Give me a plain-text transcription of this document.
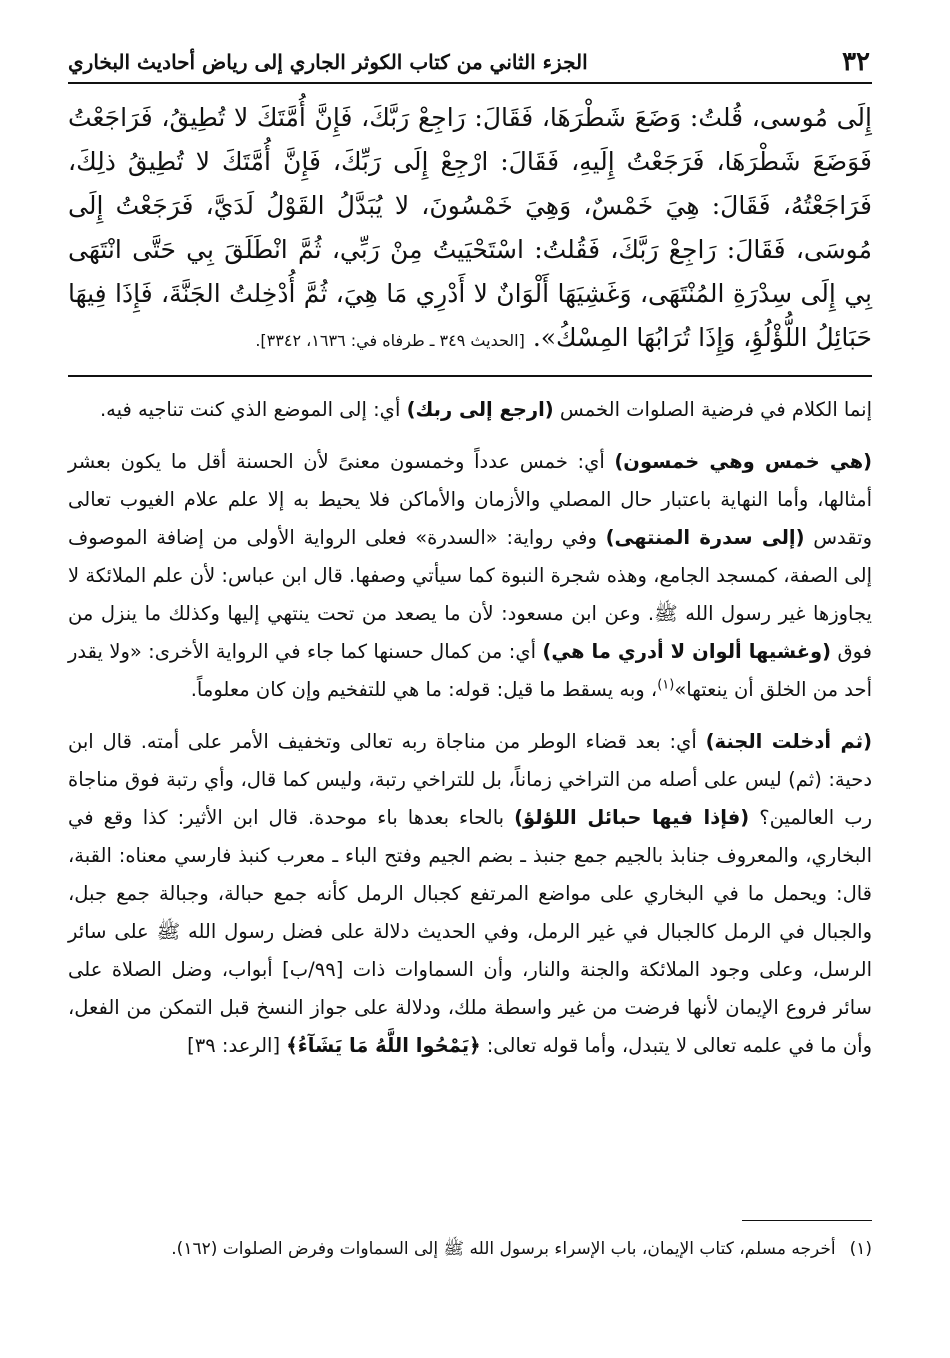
٣٢
الجزء الثاني من كتاب الكوثر الجاري إلى رياض أحاديث البخاري
إِلَى مُوسى، قُلتُ: وَضَعَ شَطْرَهَا، فَقَالَ: رَاجِعْ رَبَّكَ، فَإِنَّ أُمَّتَكَ لا تُطِيقُ، فَرَاجَعْتُ فَوَضَعَ شَطْرَهَا، فَرَجَعْتُ إِلَيهِ، فَقَالَ: ارْجِعْ إِلَى رَبِّكَ، فَإِنَّ أُمَّتَكَ لا تُطِيقُ ذلِكَ، فَرَاجَعْتُهُ، فَقَالَ: هِيَ خَمْسٌ، وَهِيَ خَمْسُونَ، لا يُبَدَّلُ القَوْلُ لَدَيَّ، فَرَجَعْتُ إِلَى مُوسَى، فَقَالَ: رَاجِعْ رَبَّكَ، فَقُلتُ: اسْتَحْيَيتُ مِنْ رَبِّي، ثُمَّ انْطَلَقَ بِي حَتَّى انْتَهَى بِي إِلَى سِدْرَةِ المُنْتَهَى، وَغَشِيَهَا أَلْوَانٌ لا أَدْرِي مَا هِيَ، ثُمَّ أُدْخِلتُ الجَنَّةَ، فَإِذَا فِيهَا حَبَائِلُ اللُّؤْلُؤِ، وَإِذَا تُرَابُهَا المِسْكُ». [الحديث ٣٤٩ ـ طرفاه في: ١٦٣٦، ٣٣٤٢].

إنما الكلام في فرضية الصلوات الخمس (ارجع إلى ربك) أي: إلى الموضع الذي كنت تناجيه فيه.

(هي خمس وهي خمسون) أي: خمس عدداً وخمسون معنىً لأن الحسنة أقل ما يكون بعشر أمثالها، وأما النهاية باعتبار حال المصلي والأزمان والأماكن فلا يحيط به إلا علم علام الغيوب تعالى وتقدس (إلى سدرة المنتهى) وفي رواية: «السدرة» فعلى الرواية الأولى من إضافة الموصوف إلى الصفة، كمسجد الجامع، وهذه شجرة النبوة كما سيأتي وصفها. قال ابن عباس: لأن علم الملائكة لا يجاوزها غير رسول الله ﷺ. وعن ابن مسعود: لأن ما يصعد من تحت ينتهي إليها وكذلك ما ينزل من فوق (وغشيها ألوان لا أدري ما هي) أي: من كمال حسنها كما جاء في الرواية الأخرى: «ولا يقدر أحد من الخلق أن ينعتها»$^{(١)}$، وبه يسقط ما قيل: قوله: ما هي للتفخيم وإن كان معلوماً.

(ثم أدخلت الجنة) أي: بعد قضاء الوطر من مناجاة ربه تعالى وتخفيف الأمر على أمته. قال ابن دحية: (ثم) ليس على أصله من التراخي زماناً، بل للتراخي رتبة، وليس كما قال، وأي رتبة فوق مناجاة رب العالمين؟ (فإذا فيها حبائل اللؤلؤ) بالحاء بعدها باء موحدة. قال ابن الأثير: كذا وقع في البخاري، والمعروف جنابذ بالجيم جمع جنبذ ـ بضم الجيم وفتح الباء ـ معرب كنبذ فارسي معناه: القبة، قال: ويحمل ما في البخاري على مواضع المرتفع كجبال الرمل كأنه جمع حبالة، وجبالة جمع جبل، والجبال في الرمل كالجبال في غير الرمل، وفي الحديث دلالة على فضل رسول الله ﷺ على سائر الرسل، وعلى وجود الملائكة والجنة والنار، وأن السماوات ذات [٩٩/ب] أبواب، وضل الصلاة على سائر فروع الإيمان لأنها فرضت من غير واسطة ملك، ودلالة على جواز النسخ قبل التمكن من الفعل، وأن ما في علمه تعالى لا يتبدل، وأما قوله تعالى: ﴿يَمْحُوا اللَّهُ مَا يَشَآءُ﴾ [الرعد: ٣٩]

(١)أخرجه مسلم، كتاب الإيمان، باب الإسراء برسول الله ﷺ إلى السماوات وفرض الصلوات (١٦٢).
